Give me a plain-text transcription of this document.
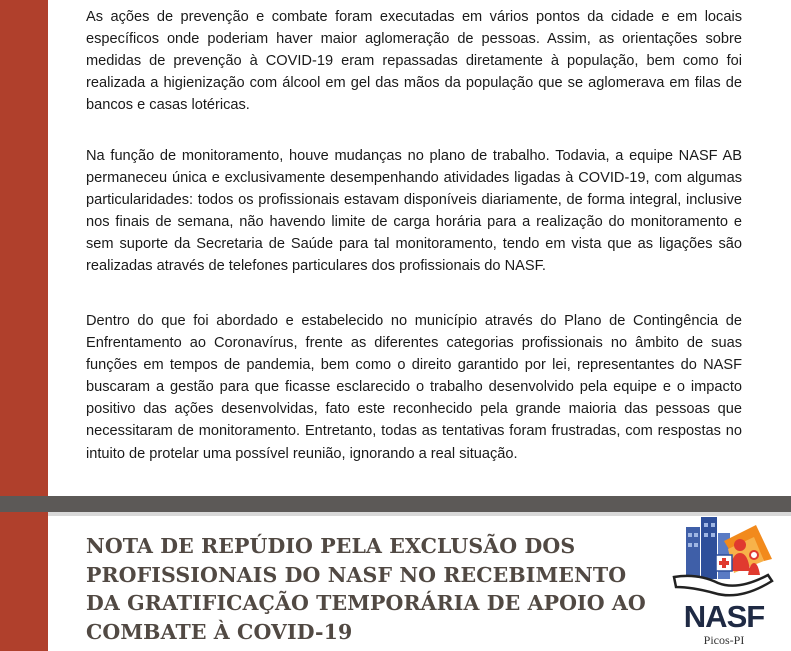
As ações de prevenção e combate foram executadas em vários pontos da cidade e em locais específicos onde poderiam haver maior aglomeração de pessoas. Assim, as orientações sobre medidas de prevenção à COVID-19 eram repassadas diretamente à população, bem como foi realizada a higienização com álcool em gel das mãos da população que se aglomerava em filas de bancos e casas lotéricas.

Na função de monitoramento, houve mudanças no plano de trabalho. Todavia, a equipe NASF AB permaneceu única e exclusivamente desempenhando atividades ligadas à COVID-19, com algumas particularidades: todos os profissionais estavam disponíveis diariamente, de forma integral, inclusive nos finais de semana, não havendo limite de carga horária para a realização do monitoramento e sem suporte da Secretaria de Saúde para tal monitoramento, tendo em vista que as ligações são realizadas através de telefones particulares dos profissionais do NASF.

Dentro do que foi abordado e estabelecido no município através do Plano de Contingência de Enfrentamento ao Coronavírus, frente as diferentes categorias profissionais no âmbito de suas funções em tempos de pandemia, bem como o direito garantido por lei, representantes do NASF buscaram a gestão para que ficasse esclarecido o trabalho desenvolvido pela equipe e o impacto positivo das ações desenvolvidas, fato este reconhecido pela grande maioria das pessoas que necessitaram de monitoramento. Entretanto, todas as tentativas foram frustradas, com respostas no intuito de protelar uma possível reunião, ignorando a real situação.

NOTA DE REPÚDIO PELA EXCLUSÃO DOS PROFISSIONAIS DO NASF NO RECEBIMENTO DA GRATIFICAÇÃO TEMPORÁRIA DE APOIO AO COMBATE À COVID-19	NASF
Picos-PI
